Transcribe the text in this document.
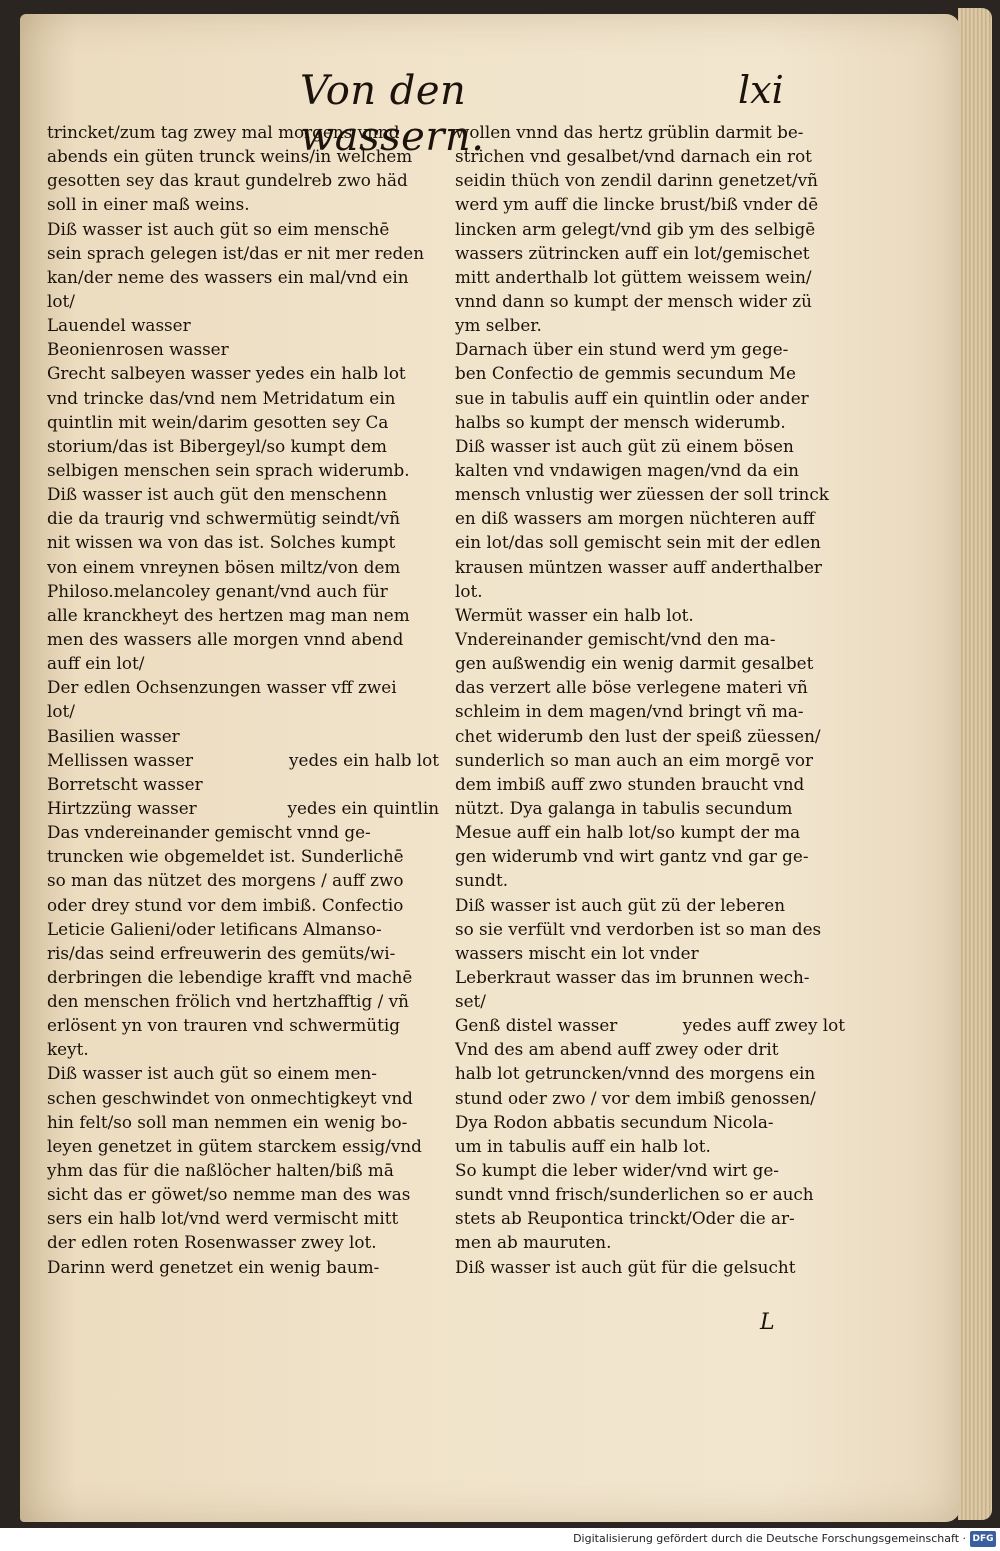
Von den wassern.
lxi
trincket/zum tag zwey mal morgens vnnd
abends ein güten trunck weins/in welchem
gesotten sey das kraut gundelreb zwo häd
soll in einer maß weins.
Diß wasser ist auch güt so eim menschē
sein sprach gelegen ist/das er nit mer reden
kan/der neme des wassers ein mal/vnd ein
lot/
Lauendel wasser
Beonienrosen wasser
Grecht salbeyen wasser yedes ein halb lot
vnd trincke das/vnd nem Metridatum ein
quintlin mit wein/darim gesotten sey Ca
storium/das ist Bibergeyl/so kumpt dem
selbigen menschen sein sprach widerumb.
Diß wasser ist auch güt den menschenn
die da traurig vnd schwermütig seindt/vñ
nit wissen wa von das ist. Solches kumpt
von einem vnreynen bösen miltz/von dem
Philoso.melancoley genant/vnd auch für
alle kranckheyt des hertzen mag man nem
men des wassers alle morgen vnnd abend
auff ein lot/
Der edlen Ochsenzungen wasser vff zwei
lot/
Basilien wasser
Mellissen wasser	yedes ein halb lot
Borretscht wasser
Hirtzzüng wasser	yedes ein quintlin
Das vndereinander gemischt vnnd ge-
truncken wie obgemeldet ist. Sunderlichē
so man das nützet des morgens / auff zwo
oder drey stund vor dem imbiß. Confectio
Leticie Galieni/oder letificans Almanso-
ris/das seind erfreuwerin des gemüts/wi-
derbringen die lebendige krafft vnd machē
den menschen frölich vnd hertzhafftig / vñ
erlösent yn von trauren vnd schwermütig
keyt.
Diß wasser ist auch güt so einem men-
schen geschwindet von onmechtigkeyt vnd
hin felt/so soll man nemmen ein wenig bo-
leyen genetzet in gütem starckem essig/vnd
yhm das für die naßlöcher halten/biß mā
sicht das er göwet/so nemme man des was
sers ein halb lot/vnd werd vermischt mitt
der edlen roten Rosenwasser zwey lot.
Darinn werd genetzet ein wenig baum-
wollen vnnd das hertz grüblin darmit be-
strichen vnd gesalbet/vnd darnach ein rot
seidin thüch von zendil darinn genetzet/vñ
werd ym auff die lincke brust/biß vnder dē
lincken arm gelegt/vnd gib ym des selbigē
wassers zütrincken auff ein lot/gemischet
mitt anderthalb lot güttem weissem wein/
vnnd dann so kumpt der mensch wider zü
ym selber.
Darnach über ein stund werd ym gege-
ben Confectio de gemmis secundum Me
sue in tabulis auff ein quintlin oder ander
halbs so kumpt der mensch widerumb.
Diß wasser ist auch güt zü einem bösen
kalten vnd vndawigen magen/vnd da ein
mensch vnlustig wer züessen der soll trinck
en diß wassers am morgen nüchteren auff
ein lot/das soll gemischt sein mit der edlen
krausen müntzen wasser auff anderthalber
lot.
Wermüt wasser ein halb lot.
Vndereinander gemischt/vnd den ma-
gen außwendig ein wenig darmit gesalbet
das verzert alle böse verlegene materi vñ
schleim in dem magen/vnd bringt vñ ma-
chet widerumb den lust der speiß züessen/
sunderlich so man auch an eim morgē vor
dem imbiß auff zwo stunden braucht vnd
nützt. Dya galanga in tabulis secundum
Mesue auff ein halb lot/so kumpt der ma
gen widerumb vnd wirt gantz vnd gar ge-
sundt.
Diß wasser ist auch güt zü der leberen
so sie verfült vnd verdorben ist so man des
wassers mischt ein lot vnder
Leberkraut wasser das im brunnen wech-
set/
Genß distel wasser	yedes auff zwey lot
Vnd des am abend auff zwey oder drit
halb lot getruncken/vnnd des morgens ein
stund oder zwo / vor dem imbiß genossen/
Dya Rodon abbatis secundum Nicola-
um in tabulis auff ein halb lot.
So kumpt die leber wider/vnd wirt ge-
sundt vnnd frisch/sunderlichen so er auch
stets ab Reupontica trinckt/Oder die ar-
men ab mauruten.
Diß wasser ist auch güt für die gelsucht
L
Digitalisierung gefördert durch die Deutsche Forschungsgemeinschaft · DFG
